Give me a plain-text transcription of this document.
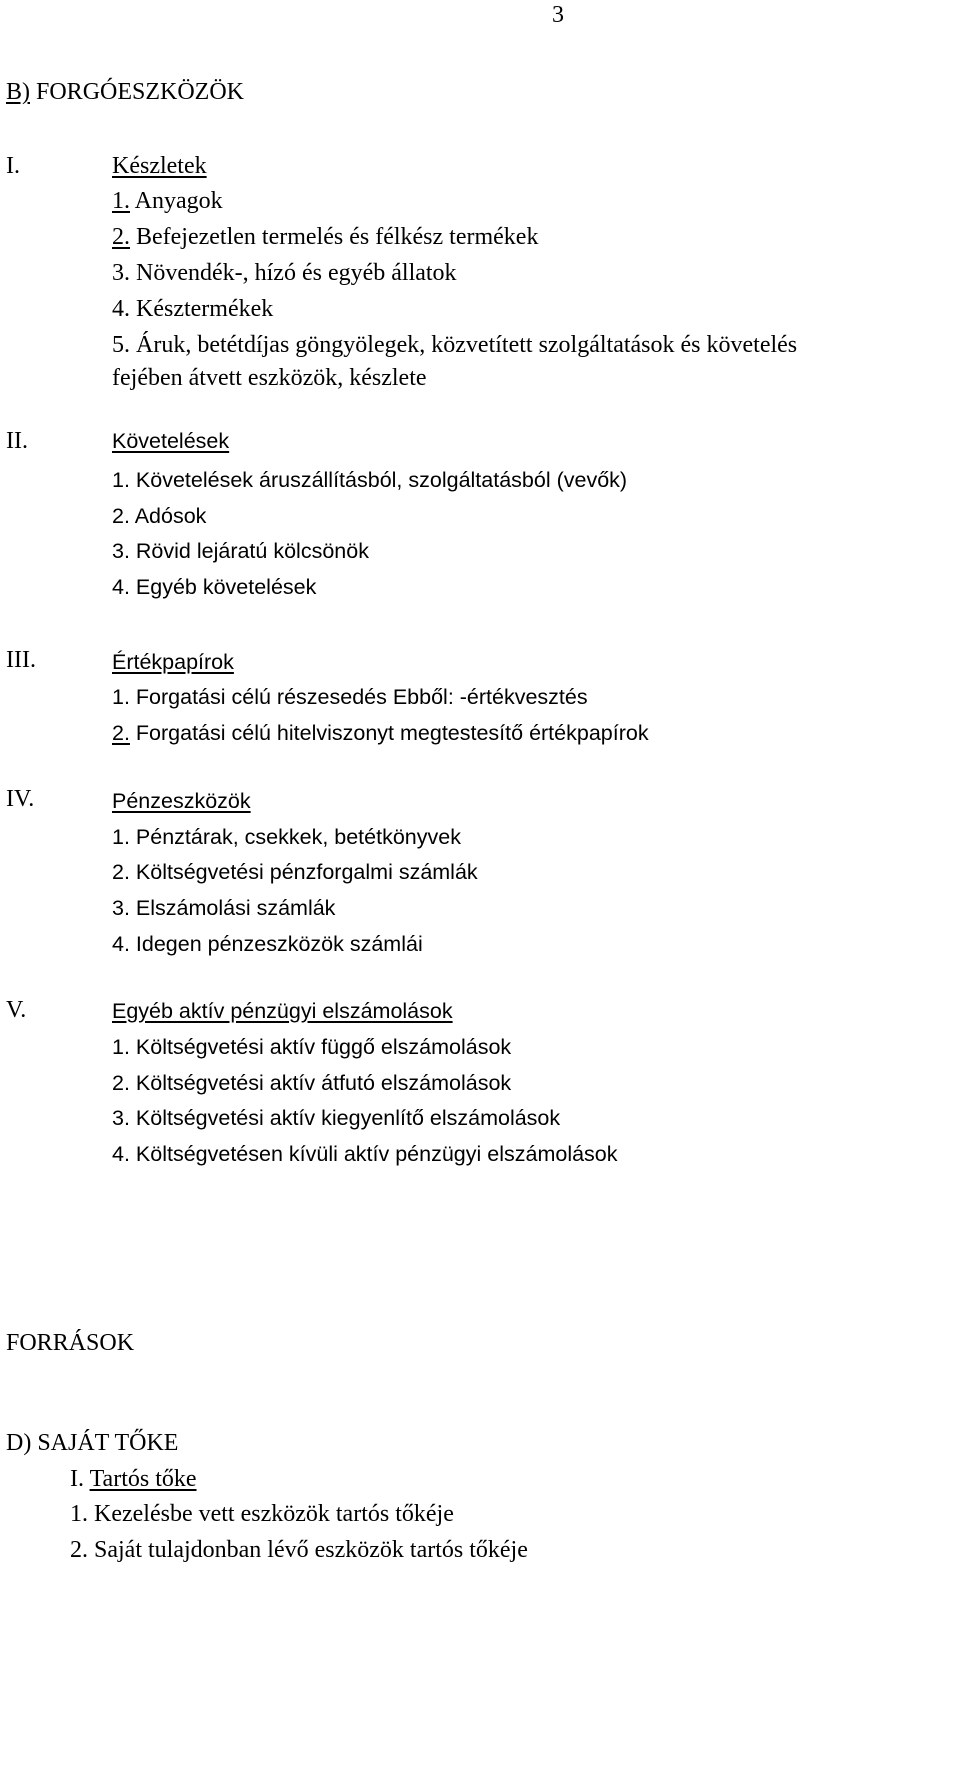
3
B) FORGÓESZKÖZÖK
I.	Készletek
1. Anyagok
2. Befejezetlen termelés és félkész termékek
3. Növendék-, hízó és egyéb állatok
4. Késztermékek
5. Áruk, betétdíjas göngyölegek, közvetített szolgáltatások és követelés
fejében átvett eszközök, készlete
II.	Követelések
1. Követelések áruszállításból, szolgáltatásból (vevők)
2. Adósok
3. Rövid lejáratú kölcsönök
4. Egyéb követelések
III.	Értékpapírok
1. Forgatási célú részesedés Ebből: -értékvesztés
2. Forgatási célú hitelviszonyt megtestesítő értékpapírok
IV.	Pénzeszközök
1. Pénztárak, csekkek, betétkönyvek
2. Költségvetési pénzforgalmi számlák
3. Elszámolási számlák
4. Idegen pénzeszközök számlái
V.	Egyéb aktív pénzügyi elszámolások
1. Költségvetési aktív függő elszámolások
2. Költségvetési aktív átfutó elszámolások
3. Költségvetési aktív kiegyenlítő elszámolások
4. Költségvetésen kívüli aktív pénzügyi elszámolások
FORRÁSOK
D) SAJÁT TŐKE
I. Tartós tőke
1. Kezelésbe vett eszközök tartós tőkéje
2. Saját tulajdonban lévő eszközök tartós tőkéje
